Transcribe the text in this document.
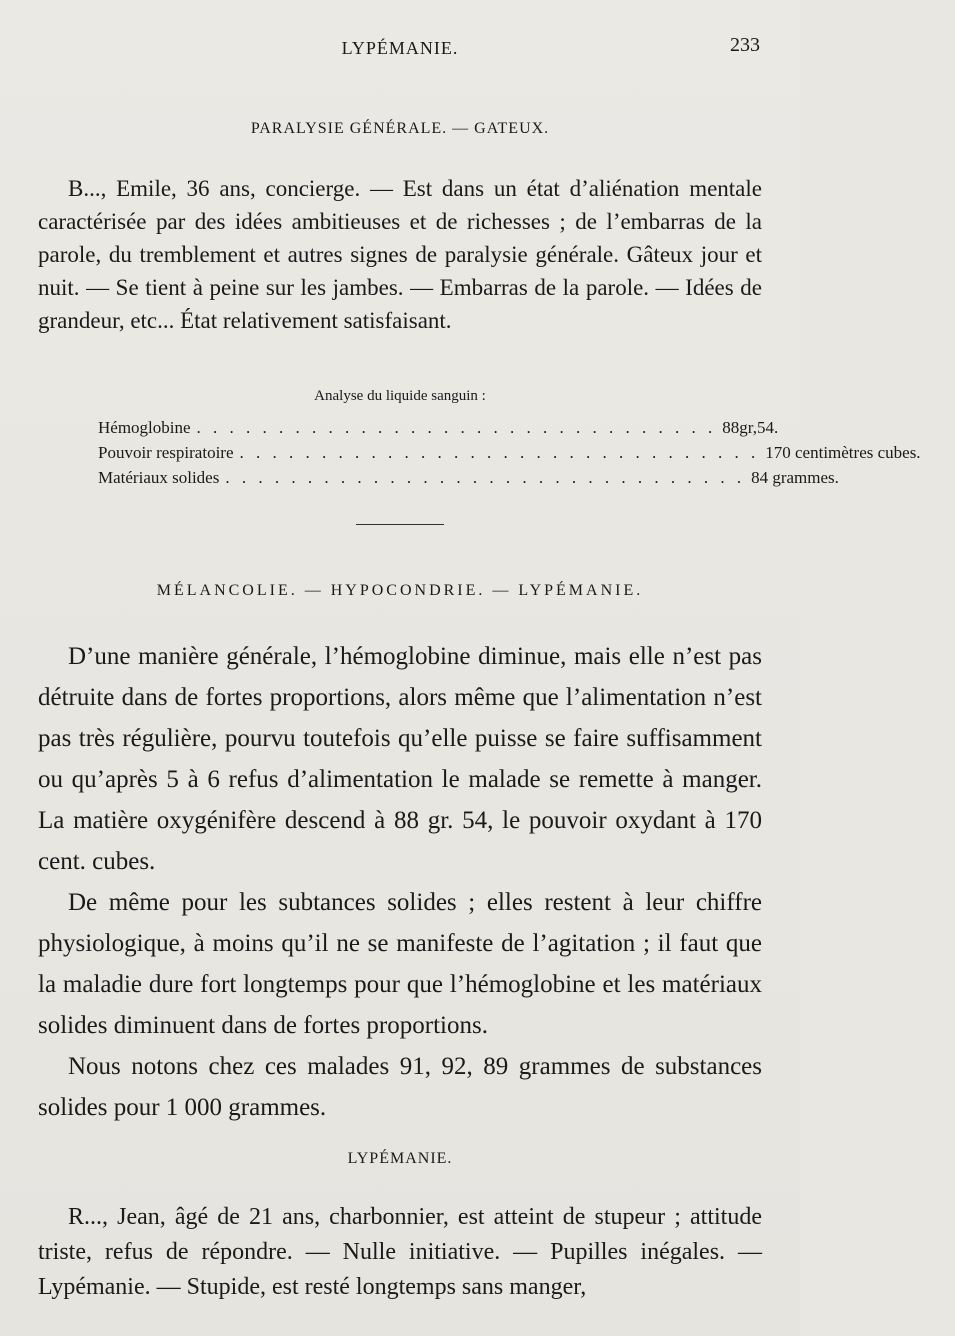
LYPÉMANIE.	233
PARALYSIE GÉNÉRALE. — GATEUX.
B..., Emile, 36 ans, concierge. — Est dans un état d’aliénation mentale caractérisée par des idées ambitieuses et de richesses ; de l’embarras de la parole, du tremblement et autres signes de paralysie générale. Gâteux jour et nuit. — Se tient à peine sur les jambes. — Embarras de la parole. — Idées de grandeur, etc... État relativement satisfaisant.
Analyse du liquide sanguin :
Hémoglobine . . . . . . . . . . . . . . . . . . . . . . . . . . . . . . . . 88gr,54.
Pouvoir respiratoire . . . . . . . . . . . . . . . . . . . . . . . . . . . . . . . . 170 centimètres cubes.
Matériaux solides . . . . . . . . . . . . . . . . . . . . . . . . . . . . . . . . 84 grammes.
MÉLANCOLIE. — HYPOCONDRIE. — LYPÉMANIE.
D’une manière générale, l’hémoglobine diminue, mais elle n’est pas détruite dans de fortes proportions, alors même que l’alimentation n’est pas très régulière, pourvu toutefois qu’elle puisse se faire suffisamment ou qu’après 5 à 6 refus d’alimentation le malade se remette à manger. La matière oxygénifère descend à 88 gr. 54, le pouvoir oxydant à 170 cent. cubes.
De même pour les subtances solides ; elles restent à leur chiffre physiologique, à moins qu’il ne se manifeste de l’agitation ; il faut que la maladie dure fort longtemps pour que l’hémoglobine et les matériaux solides diminuent dans de fortes proportions.
Nous notons chez ces malades 91, 92, 89 grammes de substances solides pour 1 000 grammes.
LYPÉMANIE.
R..., Jean, âgé de 21 ans, charbonnier, est atteint de stupeur ; attitude triste, refus de répondre. — Nulle initiative. — Pupilles inégales. — Lypémanie. — Stupide, est resté longtemps sans manger,
